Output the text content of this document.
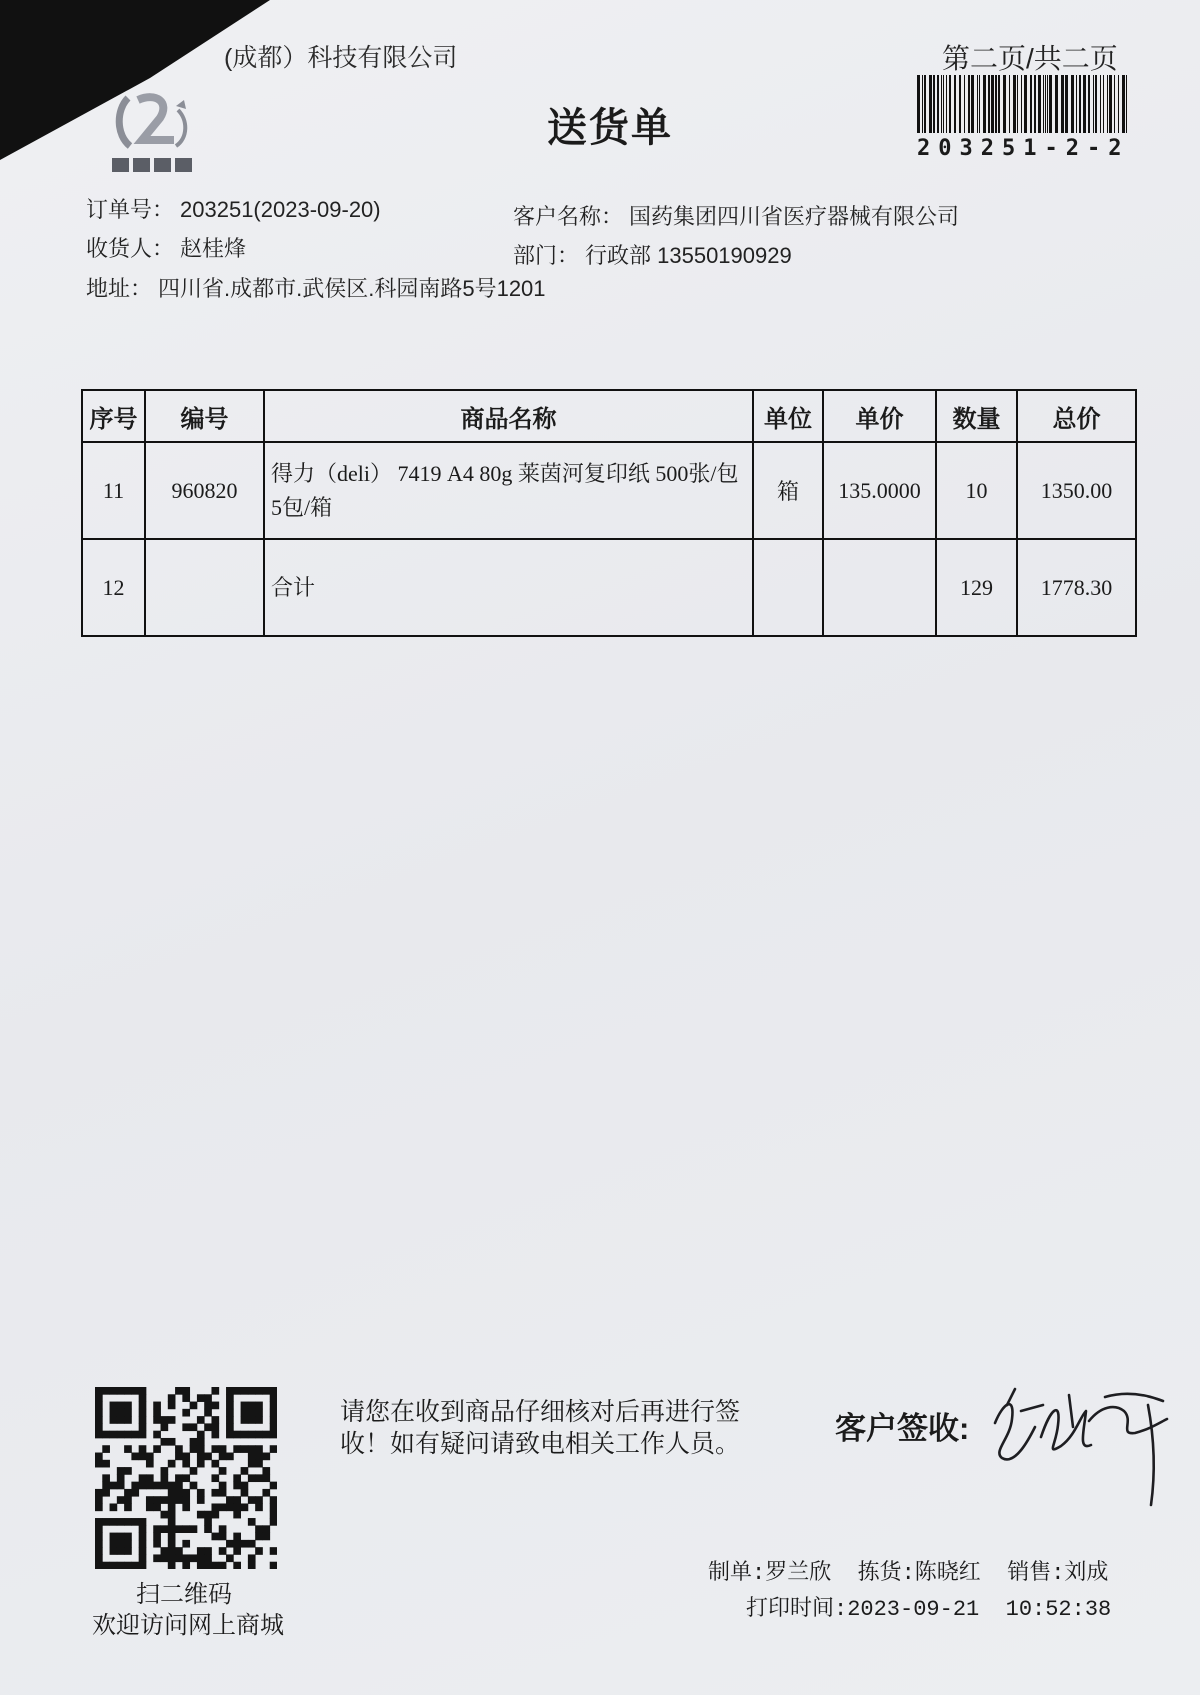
(成都）科技有限公司
送货单
第二页/共二页
203251-2-2
订单号： 203251(2023-09-20)
收货人： 赵桂烽
地址： 四川省.成都市.武侯区.科园南路5号1201
客户名称： 国药集团四川省医疗器械有限公司
部门： 行政部 13550190929
序号	编号	商品名称	单位	单价	数量	总价
11	960820	得力（deli） 7419 A4 80g 莱茵河复印纸 500张/包 5包/箱	箱	135.0000	10	1350.00
12		合计			129	1778.30
扫二维码
欢迎访问网上商城
请您在收到商品仔细核对后再进行签收！如有疑问请致电相关工作人员。	客户签收:
制单:罗兰欣  拣货:陈晓红  销售:刘成
打印时间:2023-09-21  10:52:38
